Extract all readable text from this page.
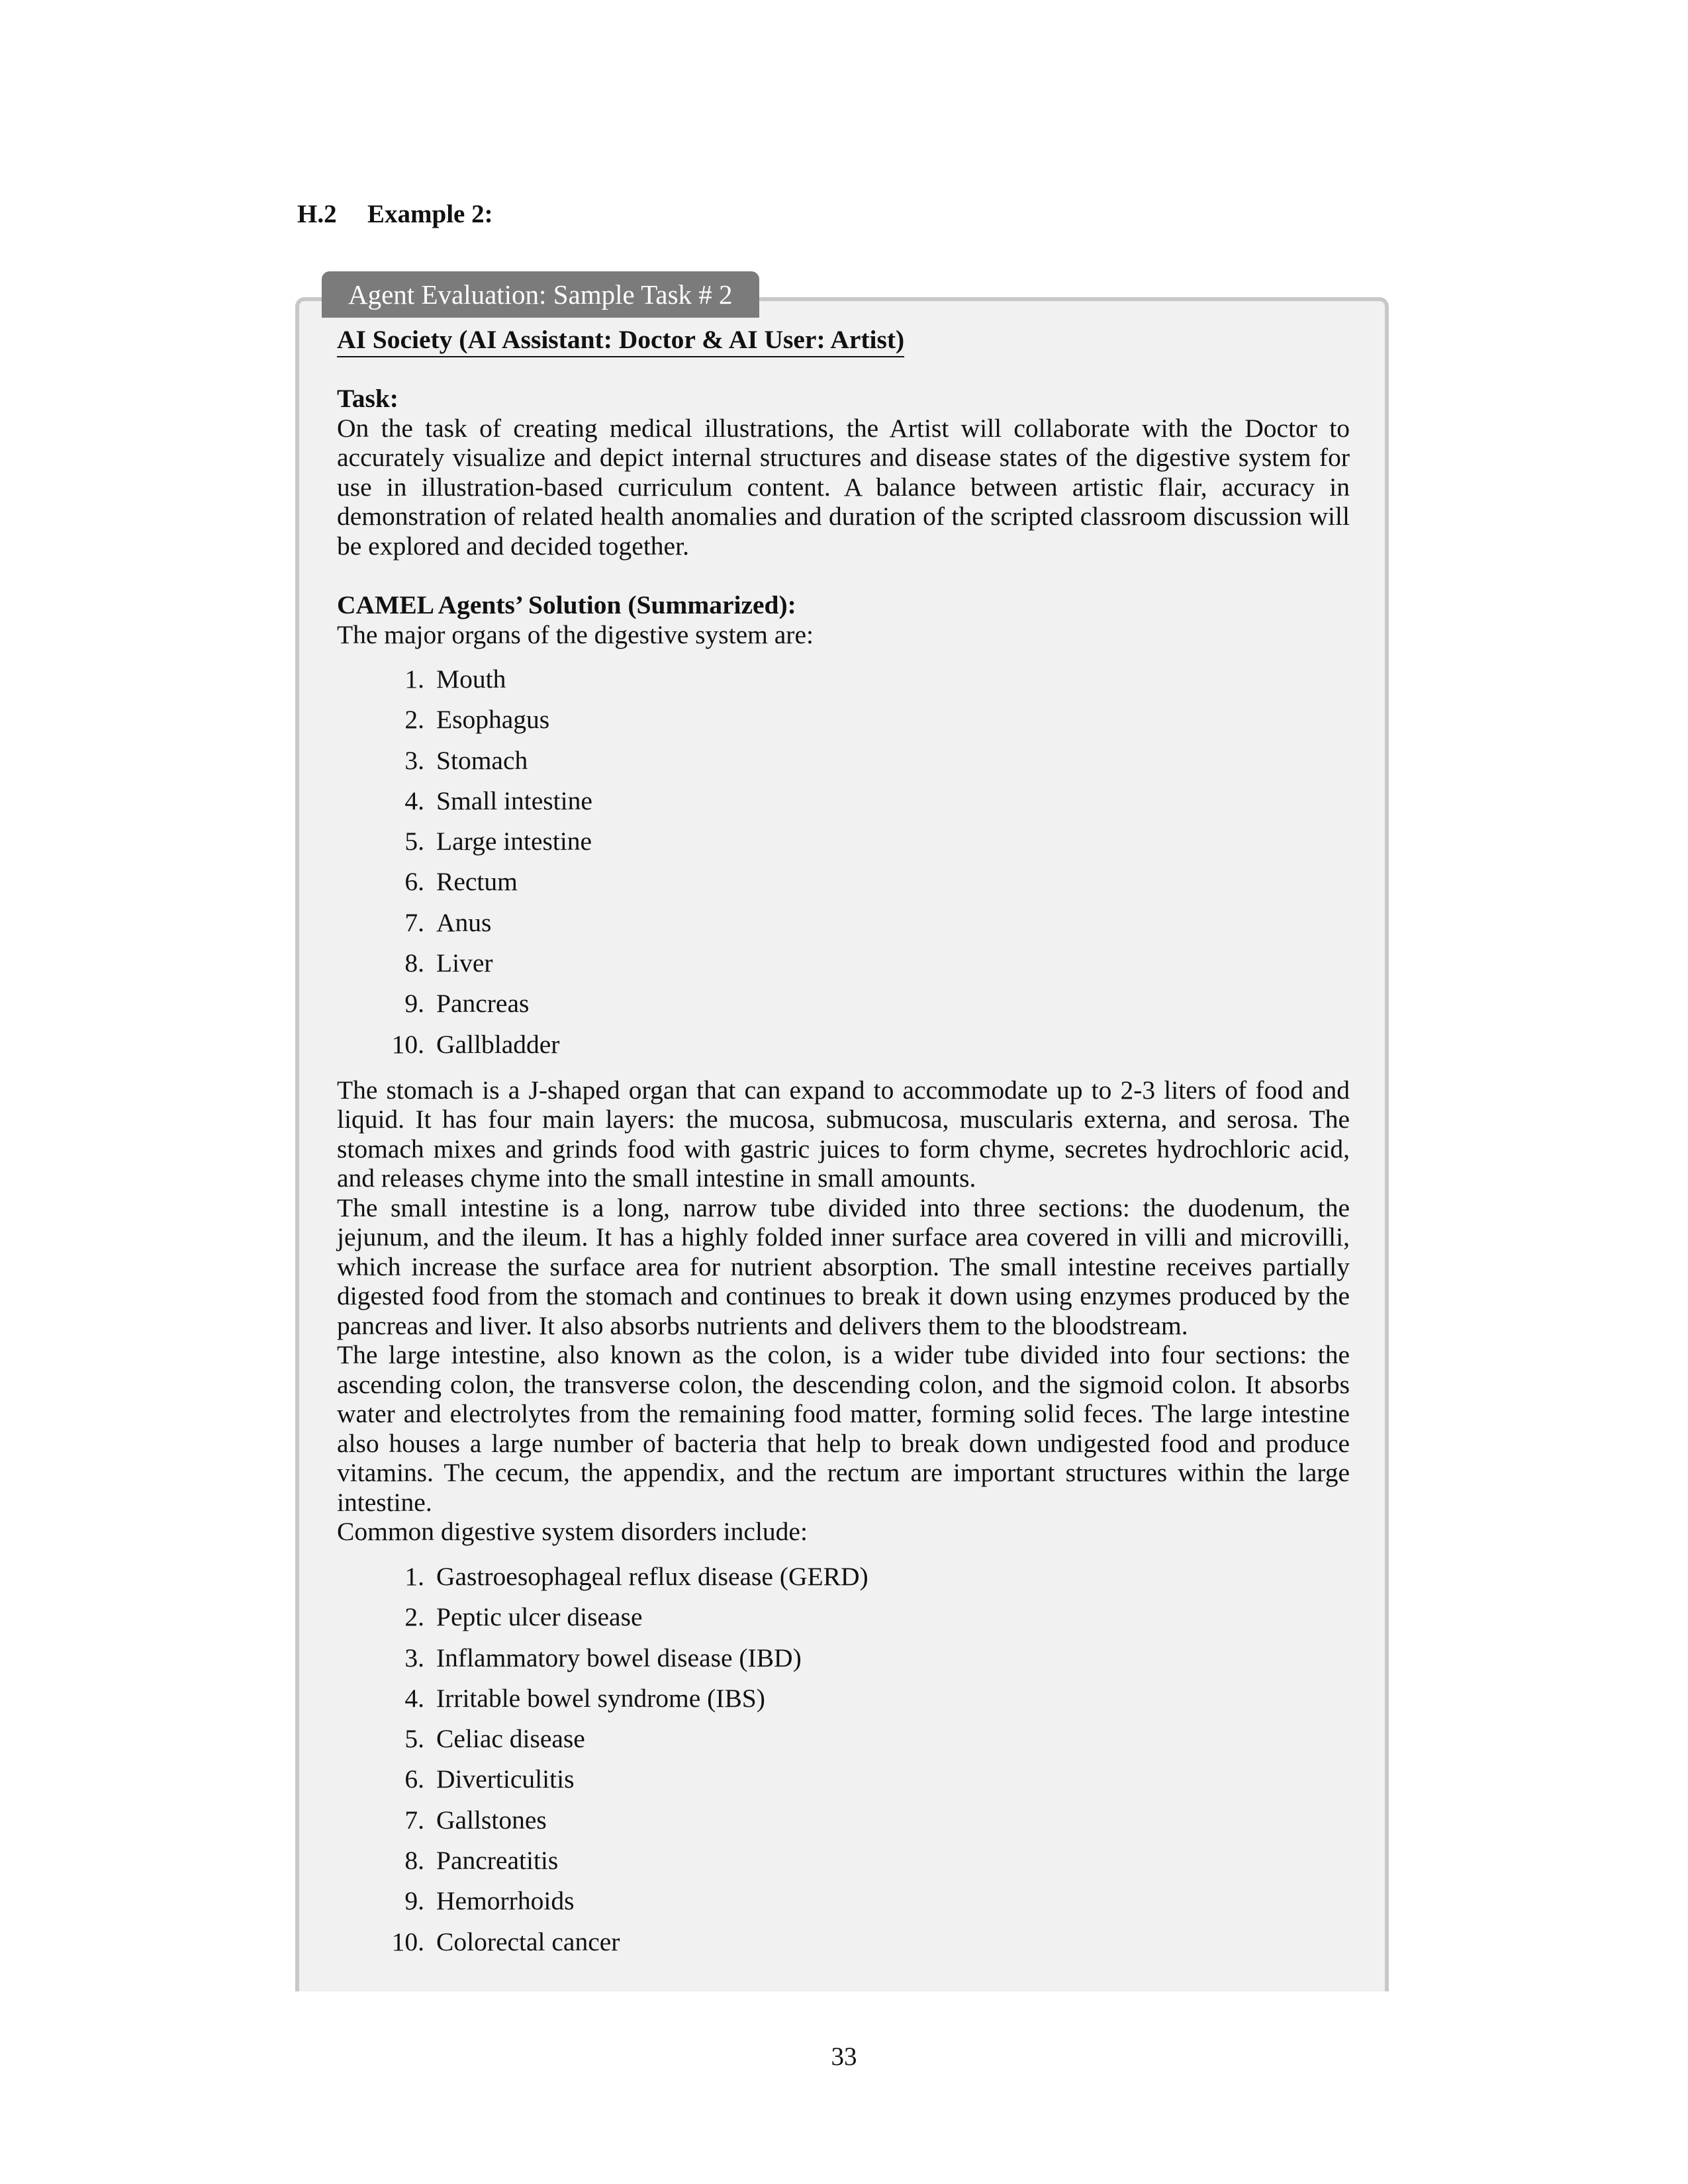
H.2 Example 2:
Agent Evaluation: Sample Task # 2
AI Society (AI Assistant: Doctor & AI User: Artist)
Task:

On the task of creating medical illustrations, the Artist will collaborate with the Doctor to accurately visualize and depict internal structures and disease states of the digestive system for use in illustration-based curriculum content. A balance between artistic flair, accuracy in demonstration of related health anomalies and duration of the scripted classroom discussion will be explored and decided together.

CAMEL Agents’ Solution (Summarized):

The major organs of the digestive system are:

1. Mouth
2. Esophagus
3. Stomach
4. Small intestine
5. Large intestine
6. Rectum
7. Anus
8. Liver
9. Pancreas
10. Gallbladder

The stomach is a J-shaped organ that can expand to accommodate up to 2-3 liters of food and liquid. It has four main layers: the mucosa, submucosa, muscularis externa, and serosa. The stomach mixes and grinds food with gastric juices to form chyme, secretes hydrochloric acid, and releases chyme into the small intestine in small amounts.

The small intestine is a long, narrow tube divided into three sections: the duodenum, the jejunum, and the ileum. It has a highly folded inner surface area covered in villi and microvilli, which increase the surface area for nutrient absorption. The small intestine receives partially digested food from the stomach and continues to break it down using enzymes produced by the pancreas and liver. It also absorbs nutrients and delivers them to the bloodstream.

The large intestine, also known as the colon, is a wider tube divided into four sections: the ascending colon, the transverse colon, the descending colon, and the sigmoid colon. It absorbs water and electrolytes from the remaining food matter, forming solid feces. The large intestine also houses a large number of bacteria that help to break down undigested food and produce vitamins. The cecum, the appendix, and the rectum are important structures within the large intestine.

Common digestive system disorders include:

1. Gastroesophageal reflux disease (GERD)
2. Peptic ulcer disease
3. Inflammatory bowel disease (IBD)
4. Irritable bowel syndrome (IBS)
5. Celiac disease
6. Diverticulitis
7. Gallstones
8. Pancreatitis
9. Hemorrhoids
10. Colorectal cancer
33
